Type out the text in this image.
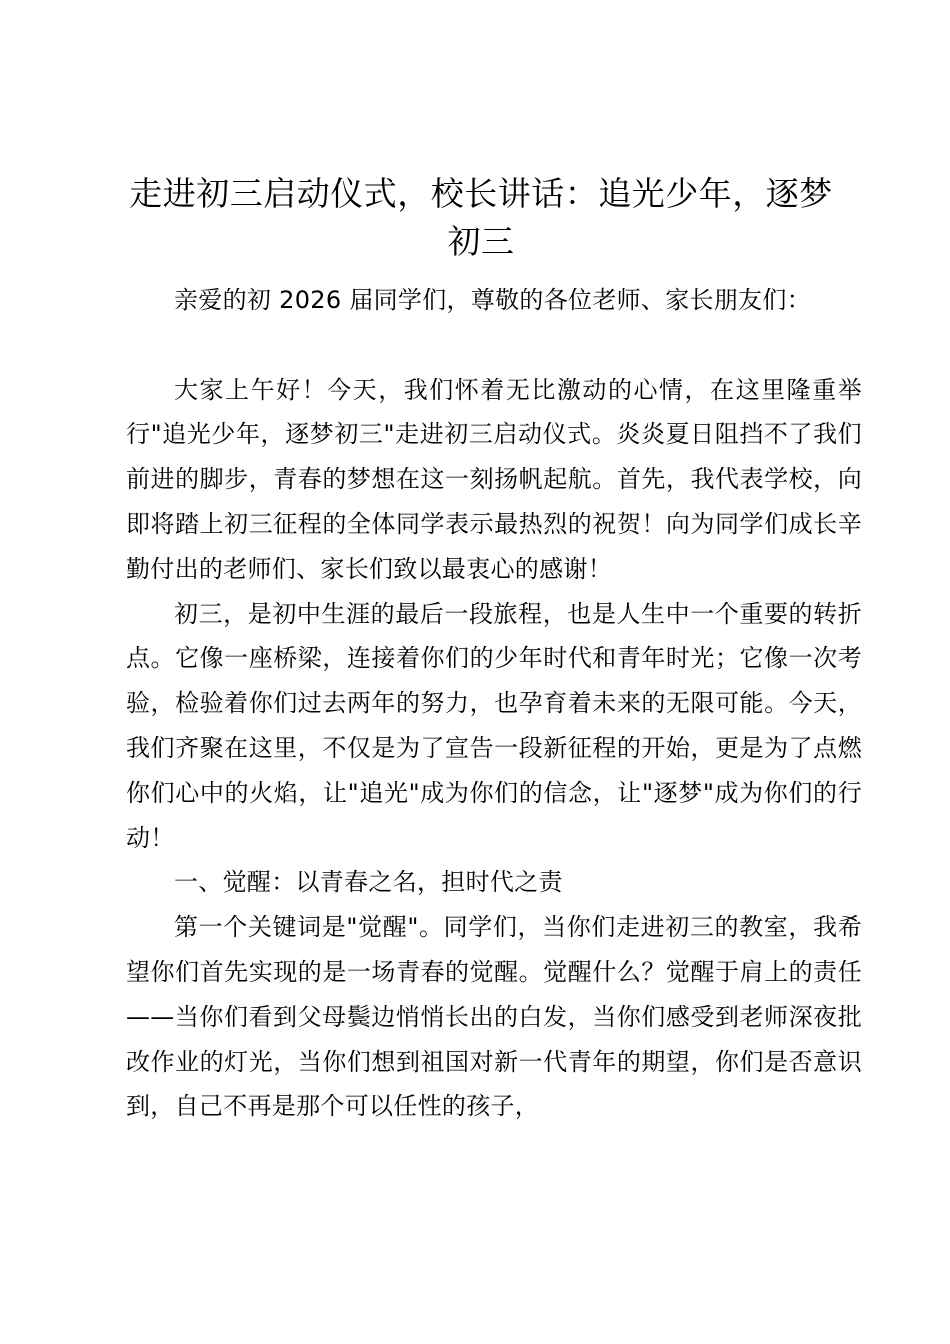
走进初三启动仪式，校长讲话：追光少年，逐梦初三

亲爱的初 2026 届同学们，尊敬的各位老师、家长朋友们：

大家上午好！今天，我们怀着无比激动的心情，在这里隆重举行"追光少年，逐梦初三"走进初三启动仪式。炎炎夏日阻挡不了我们前进的脚步，青春的梦想在这一刻扬帆起航。首先，我代表学校，向即将踏上初三征程的全体同学表示最热烈的祝贺！向为同学们成长辛勤付出的老师们、家长们致以最衷心的感谢！

初三，是初中生涯的最后一段旅程，也是人生中一个重要的转折点。它像一座桥梁，连接着你们的少年时代和青年时光；它像一次考验，检验着你们过去两年的努力，也孕育着未来的无限可能。今天，我们齐聚在这里，不仅是为了宣告一段新征程的开始，更是为了点燃你们心中的火焰，让"追光"成为你们的信念，让"逐梦"成为你们的行动！

一、觉醒：以青春之名，担时代之责

第一个关键词是"觉醒"。同学们，当你们走进初三的教室，我希望你们首先实现的是一场青春的觉醒。觉醒什么？觉醒于肩上的责任——当你们看到父母鬓边悄悄长出的白发，当你们感受到老师深夜批改作业的灯光，当你们想到祖国对新一代青年的期望，你们是否意识到，自己不再是那个可以任性的孩子，
